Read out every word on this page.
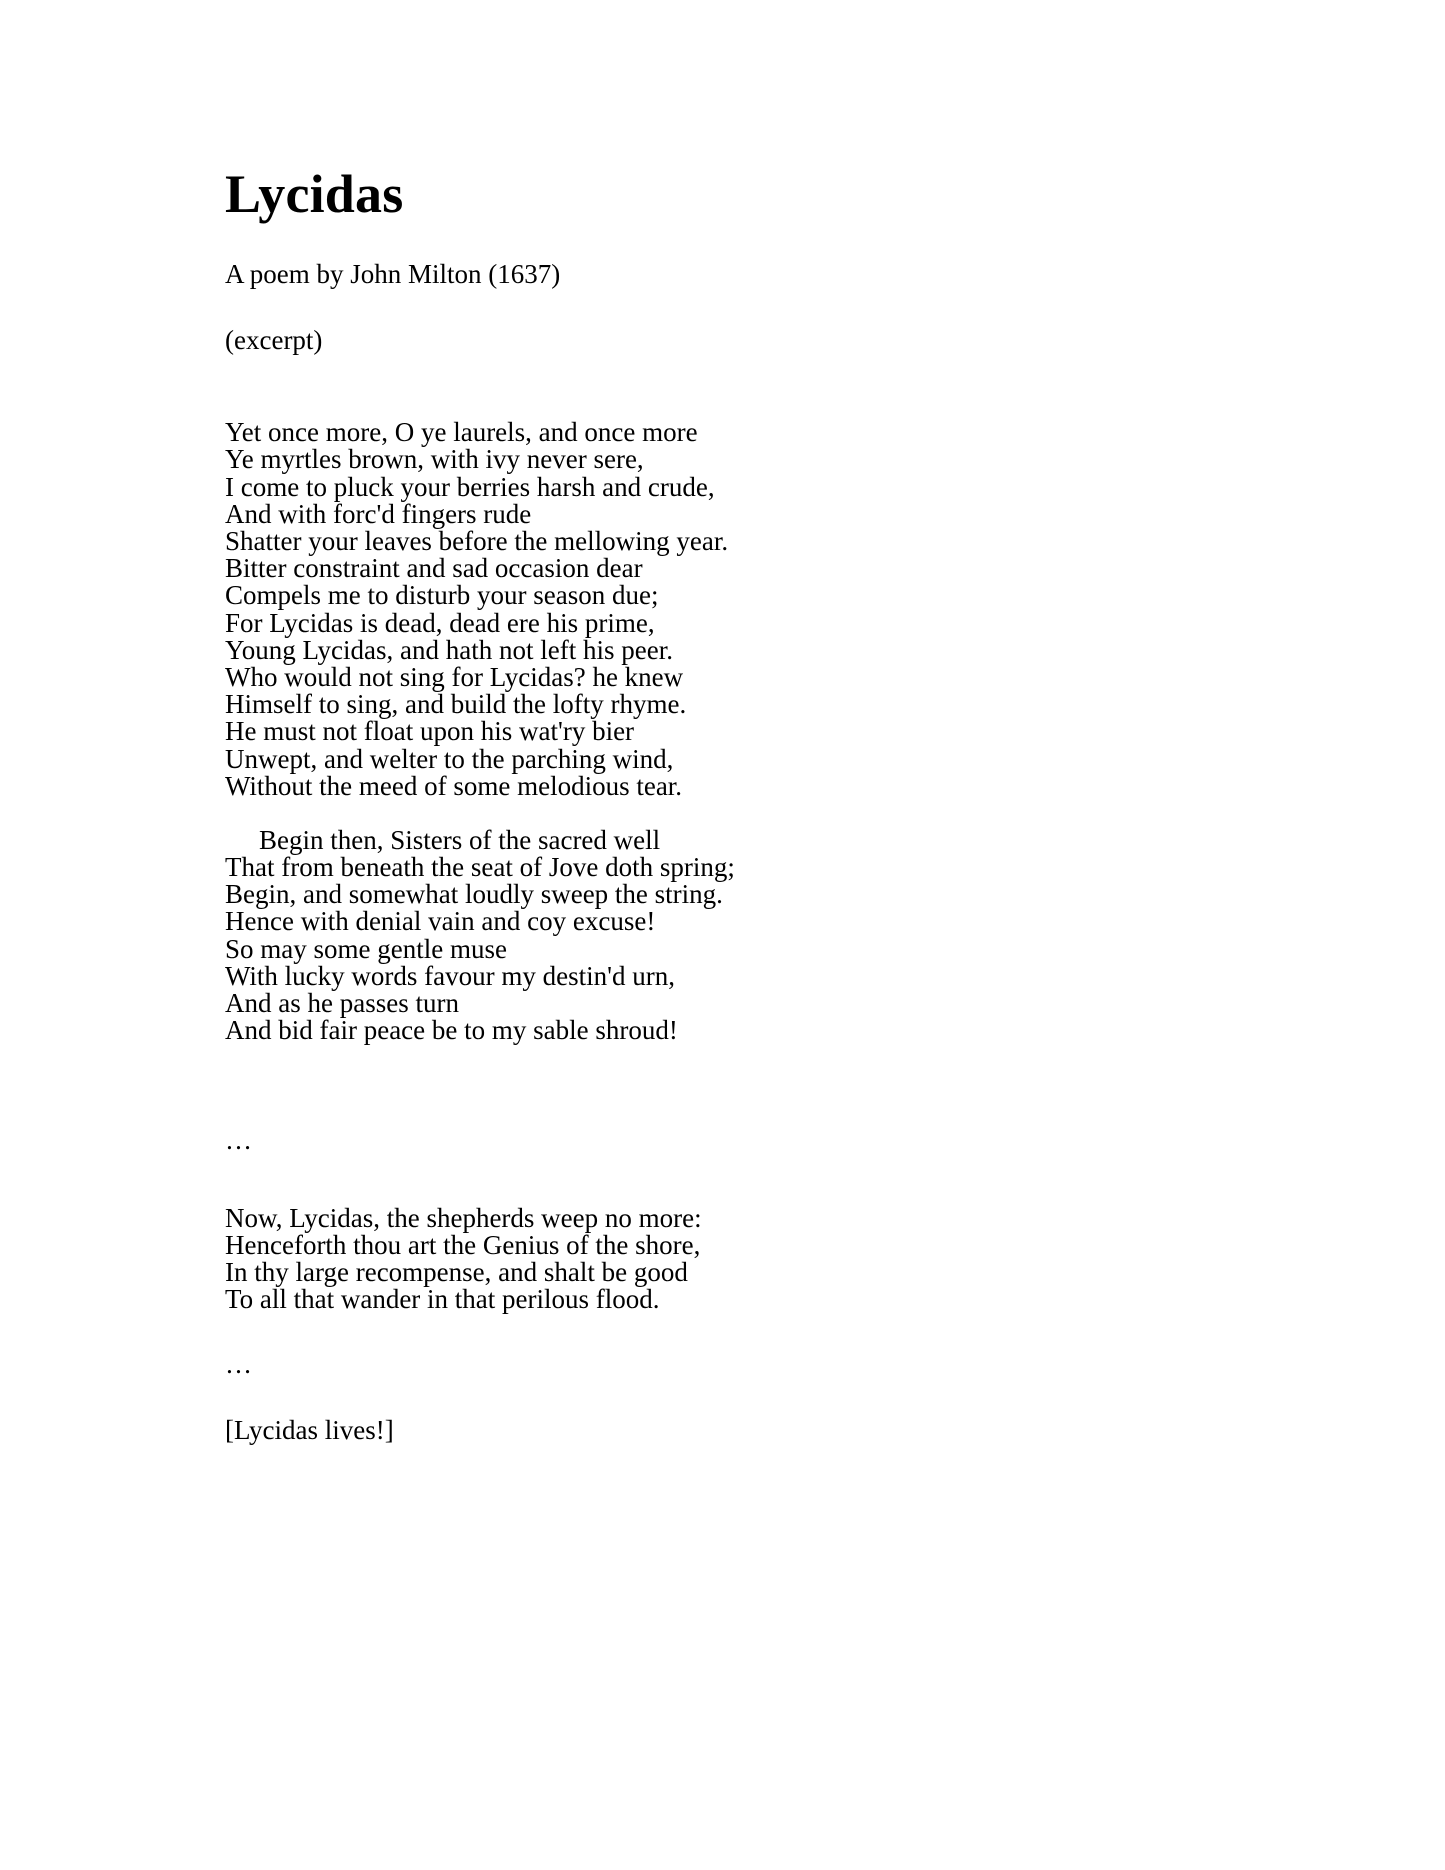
Lycidas

A poem by John Milton (1637)

(excerpt)

Yet once more, O ye laurels, and once more

Ye myrtles brown, with ivy never sere,

I come to pluck your berries harsh and crude,

And with forc'd fingers rude

Shatter your leaves before the mellowing year.

Bitter constraint and sad occasion dear

Compels me to disturb your season due;

For Lycidas is dead, dead ere his prime,

Young Lycidas, and hath not left his peer.

Who would not sing for Lycidas? he knew

Himself to sing, and build the lofty rhyme.

He must not float upon his wat'ry bier

Unwept, and welter to the parching wind,

Without the meed of some melodious tear.

Begin then, Sisters of the sacred well

That from beneath the seat of Jove doth spring;

Begin, and somewhat loudly sweep the string.

Hence with denial vain and coy excuse!

So may some gentle muse

With lucky words favour my destin'd urn,

And as he passes turn

And bid fair peace be to my sable shroud!

…

Now, Lycidas, the shepherds weep no more:

Henceforth thou art the Genius of the shore,

In thy large recompense, and shalt be good

To all that wander in that perilous flood.

…

[Lycidas lives!]
